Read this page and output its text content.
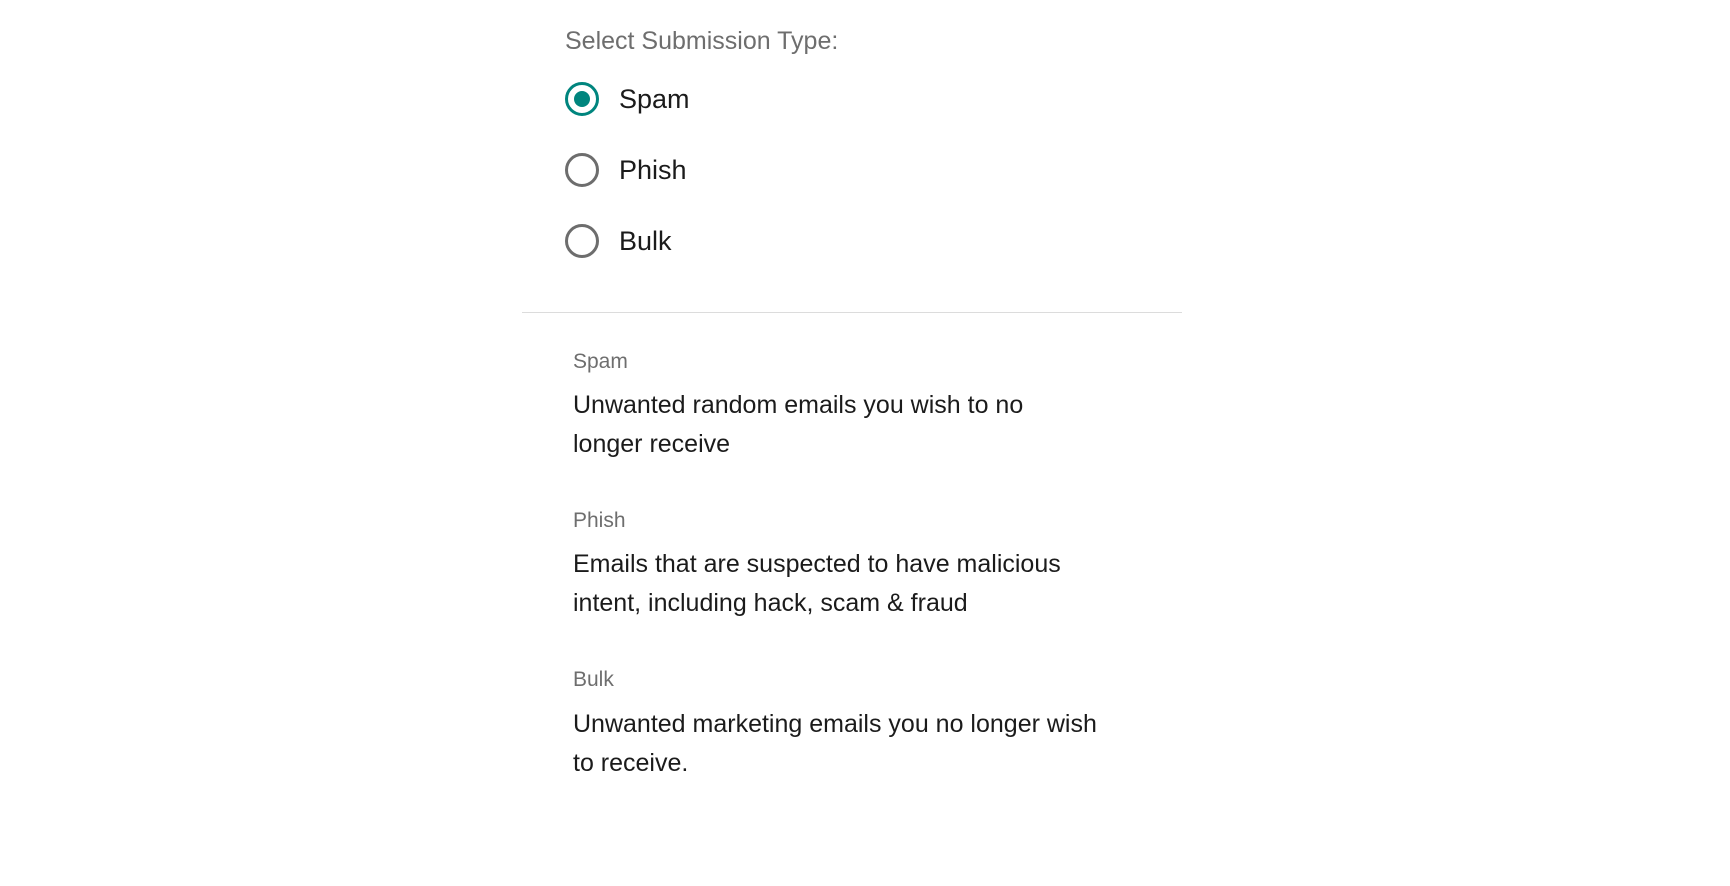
Select Submission Type:
Spam
Phish
Bulk
Spam
Unwanted random emails you wish to no longer receive
Phish
Emails that are suspected to have malicious intent, including hack, scam & fraud
Bulk
Unwanted marketing emails you no longer wish to receive.
